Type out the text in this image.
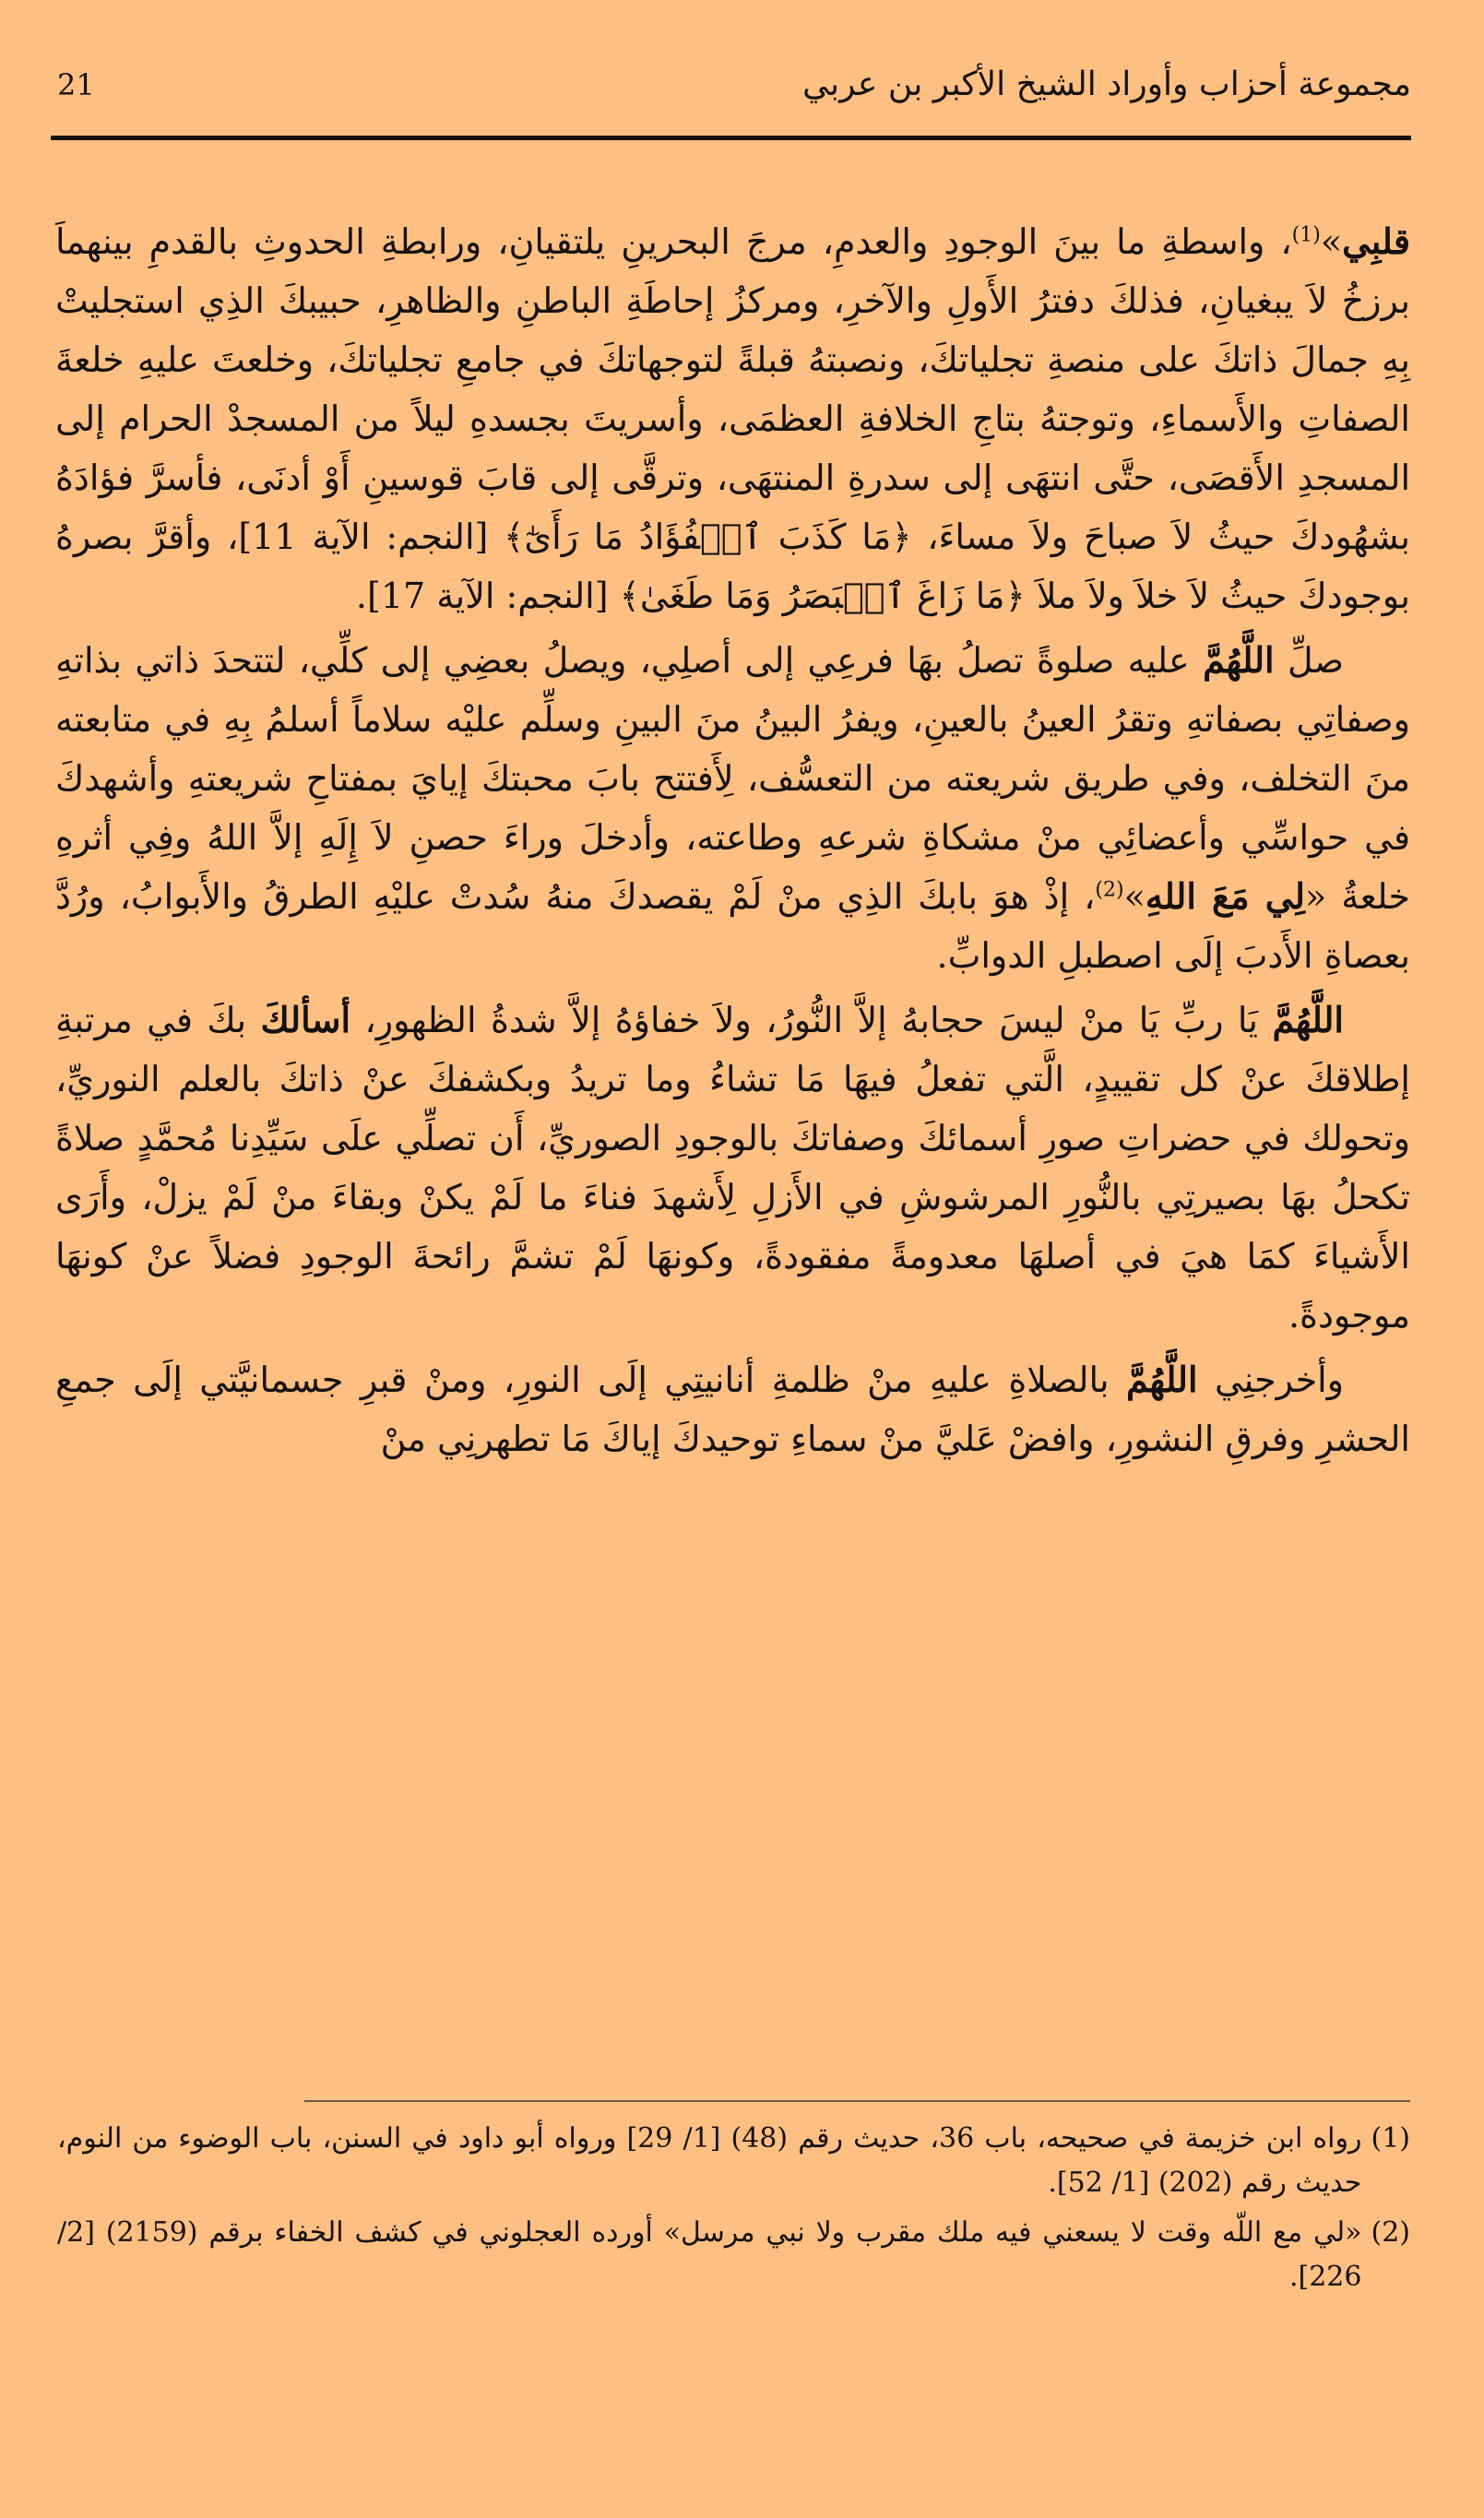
21	مجموعة أحزاب وأوراد الشيخ الأكبر بن عربي

قلبِي»$^{(1)}$، واسطةِ ما بينَ الوجودِ والعدمِ، مرجَ البحرينِ يلتقيانِ، ورابطةِ الحدوثِ بالقدمِ بينهماَ برزخُ لاَ يبغيانِ، فذلكَ دفترُ الأَولِ والآخرِ، ومركزُ إحاطَةِ الباطنِ والظاهرِ، حبيبكَ الذِي استجليتْ بِهِ جمالَ ذاتكَ على منصةِ تجلياتكَ، ونصبتهُ قبلةً لتوجهاتكَ في جامعِ تجلياتكَ، وخلعتَ عليهِ خلعةَ الصفاتِ والأَسماءِ، وتوجتهُ بتاجِ الخلافةِ العظمَى، وأسريتَ بجسدهِ ليلاً من المسجدْ الحرام إلى المسجدِ الأَقصَى، حتَّى انتهَى إلى سدرةِ المنتهَى، وترقَّى إلى قابَ قوسينِ أَوْ أدنَى، فأسرَّ فؤادَهُ بشهُودكَ حيثُ لاَ صباحَ ولاَ مساءَ، ﴿مَا كَذَبَ ٱلۡفُؤَادُ مَا رَأَىٰٓ﴾ [النجم: الآية 11]، وأقرَّ بصرهُ بوجودكَ حيثُ لاَ خلاَ ولاَ ملاَ ﴿مَا زَاغَ ٱلۡبَصَرُ وَمَا طَغَىٰ﴾ [النجم: الآية 17].

صلِّ اللَّهُمَّ عليه صلوةً تصلُ بهَا فرعِي إلى أصلِي، ويصلُ بعضِي إلى كلِّي، لتتحدَ ذاتي بذاتهِ وصفاتِي بصفاتهِ وتقرُ العينُ بالعينِ، ويفرُ البينُ منَ البينِ وسلِّم عليْه سلاماً أسلمُ بِهِ في متابعته منَ التخلف، وفي طريق شريعته من التعسُّف، لِأَفتتح بابَ محبتكَ إيايَ بمفتاحِ شريعتهِ وأشهدكَ في حواسِّي وأعضائِي منْ مشكاةِ شرعهِ وطاعته، وأدخلَ وراءَ حصنِ لاَ إِلَهِ إلاَّ اللهُ وفِي أثرهِ خلعةُ «لِي مَعَ اللهِ»$^{(2)}$، إذْ هوَ بابكَ الذِي منْ لَمْ يقصدكَ منهُ سُدتْ عليْهِ الطرقُ والأَبوابُ، ورُدَّ بعصاةِ الأَدبَ إلَى اصطبلِ الدوابِّ.

اللَّهُمَّ يَا ربِّ يَا منْ ليسَ حجابهُ إلاَّ النُّورُ، ولاَ خفاؤهُ إلاَّ شدةُ الظهورِ، أسألكَ بكَ في مرتبةِ إطلاقكَ عنْ كل تقييدٍ، الَّتي تفعلُ فيهَا مَا تشاءُ وما تريدُ وبكشفكَ عنْ ذاتكَ بالعلم النوريِّ، وتحولك في حضراتِ صورِ أسمائكَ وصفاتكَ بالوجودِ الصوريِّ، أَن تصلِّي علَى سَيِّدِنا مُحمَّدٍ صلاةً تكحلُ بهَا بصيرتِي بالنُّورِ المرشوشِ في الأَزلِ لِأَشهدَ فناءَ ما لَمْ يكنْ وبقاءَ منْ لَمْ يزلْ، وأَرَى الأَشياءَ كمَا هيَ في أصلهَا معدومةً مفقودةً، وكونهَا لَمْ تشمَّ رائحةَ الوجودِ فضلاً عنْ كونهَا موجودةً.

وأخرجنِي اللَّهُمَّ بالصلاةِ عليهِ منْ ظلمةِ أنانيتِي إلَى النورِ، ومنْ قبرِ جسمانيَّتي إلَى جمعِ الحشرِ وفرقِ النشورِ، وافضْ عَليَّ منْ سماءِ توحيدكَ إياكَ مَا تطهرنِي منْ

(1)
رواه ابن خزيمة في صحيحه، باب 36، حديث رقم (48) [1/ 29] ورواه أبو داود في السنن، باب الوضوء من النوم، حديث رقم (202) [1/ 52].
(2)
«لي مع اللّه وقت لا يسعني فيه ملك مقرب ولا نبي مرسل» أورده العجلوني في كشف الخفاء برقم (2159) [2/ 226].
